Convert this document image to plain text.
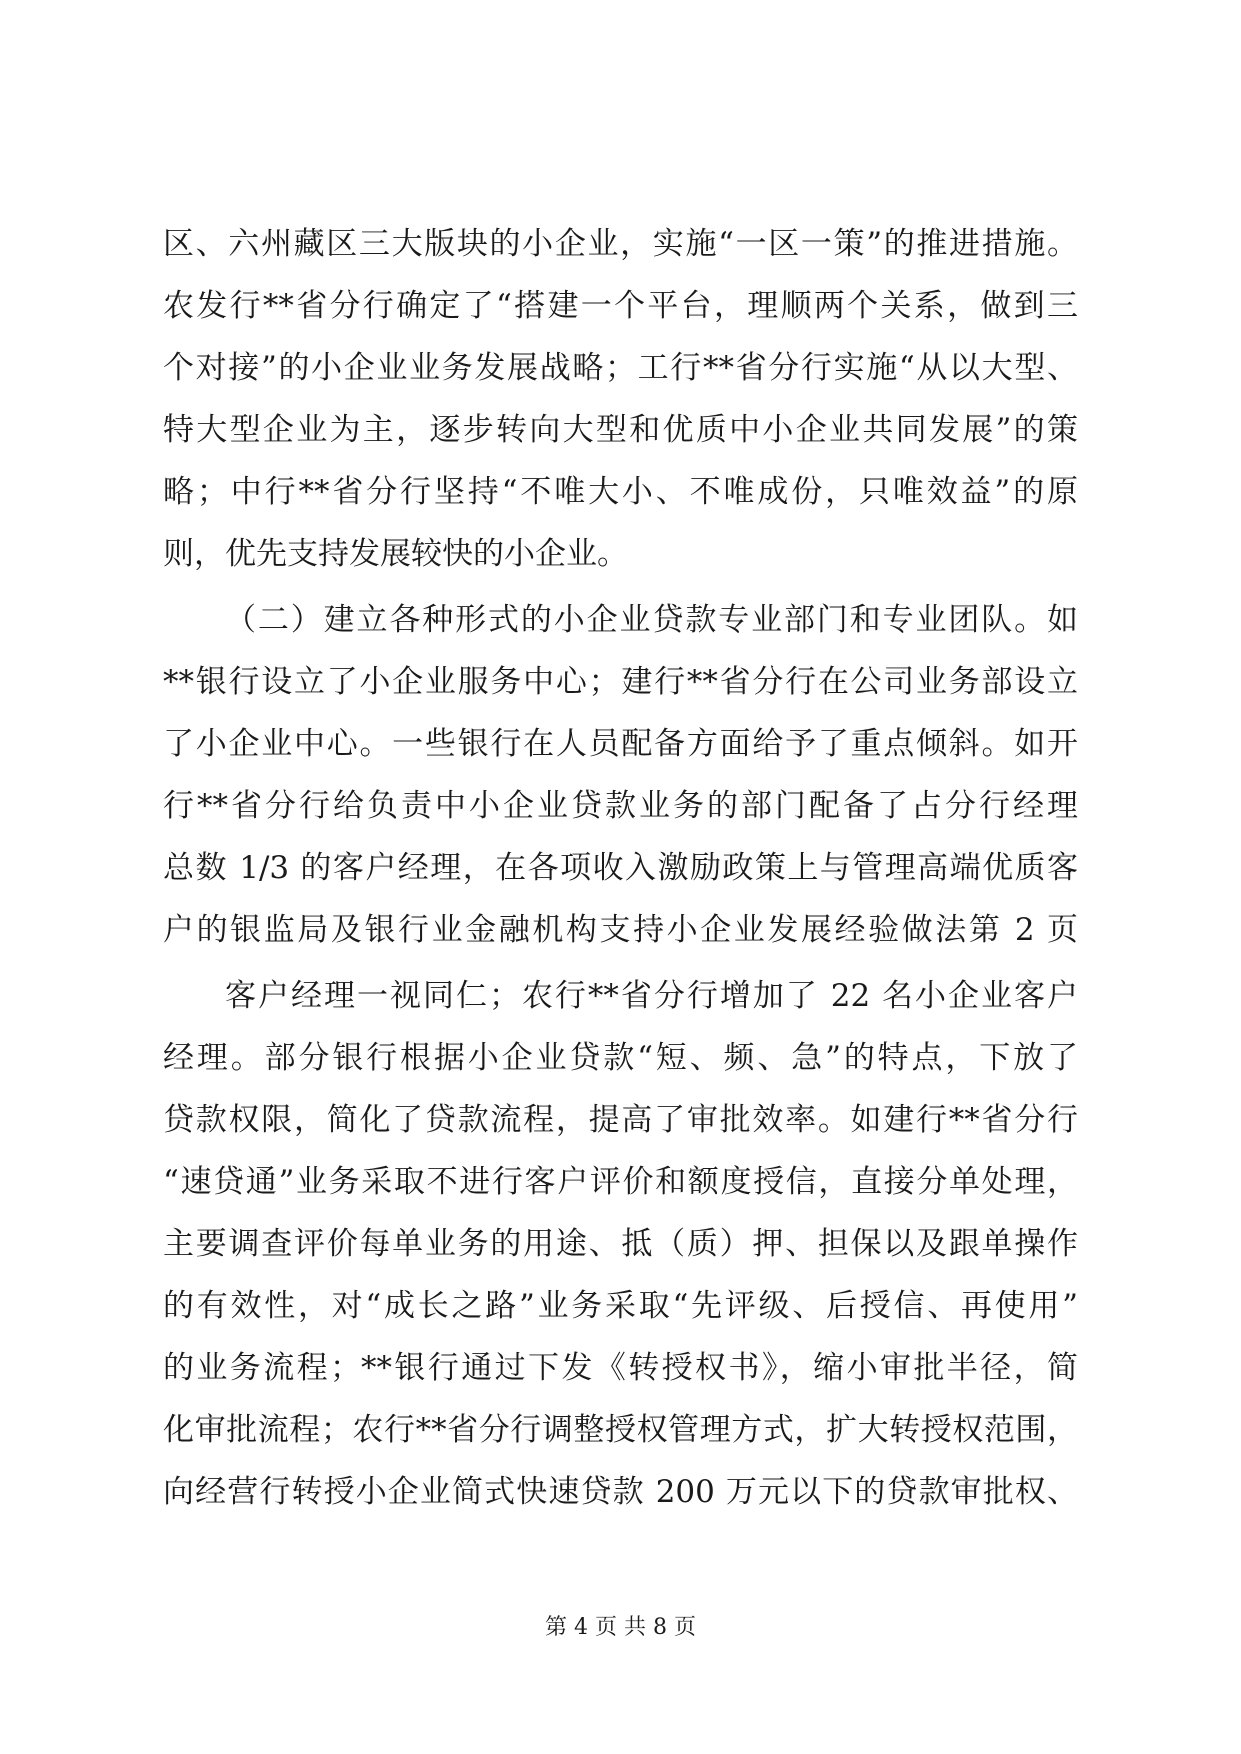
区、六州藏区三大版块的小企业，实施“一区一策”的推进措施。
农发行**省分行确定了“搭建一个平台，理顺两个关系，做到三
个对接”的小企业业务发展战略；工行**省分行实施“从以大型、
特大型企业为主，逐步转向大型和优质中小企业共同发展”的策
略；中行**省分行坚持“不唯大小、不唯成份，只唯效益”的原
则，优先支持发展较快的小企业。
（二）建立各种形式的小企业贷款专业部门和专业团队。如
**银行设立了小企业服务中心；建行**省分行在公司业务部设立
了小企业中心。一些银行在人员配备方面给予了重点倾斜。如开
行**省分行给负责中小企业贷款业务的部门配备了占分行经理
总数 1/3 的客户经理，在各项收入激励政策上与管理高端优质客
户的银监局及银行业金融机构支持小企业发展经验做法第 2 页
客户经理一视同仁；农行**省分行增加了 22 名小企业客户
经理。部分银行根据小企业贷款“短、频、急”的特点，下放了
贷款权限，简化了贷款流程，提高了审批效率。如建行**省分行
“速贷通”业务采取不进行客户评价和额度授信，直接分单处理，
主要调查评价每单业务的用途、抵（质）押、担保以及跟单操作
的有效性，对“成长之路”业务采取“先评级、后授信、再使用”
的业务流程；**银行通过下发《转授权书》，缩小审批半径，简
化审批流程；农行**省分行调整授权管理方式，扩大转授权范围，
向经营行转授小企业简式快速贷款 200 万元以下的贷款审批权、
第 4 页 共 8 页
